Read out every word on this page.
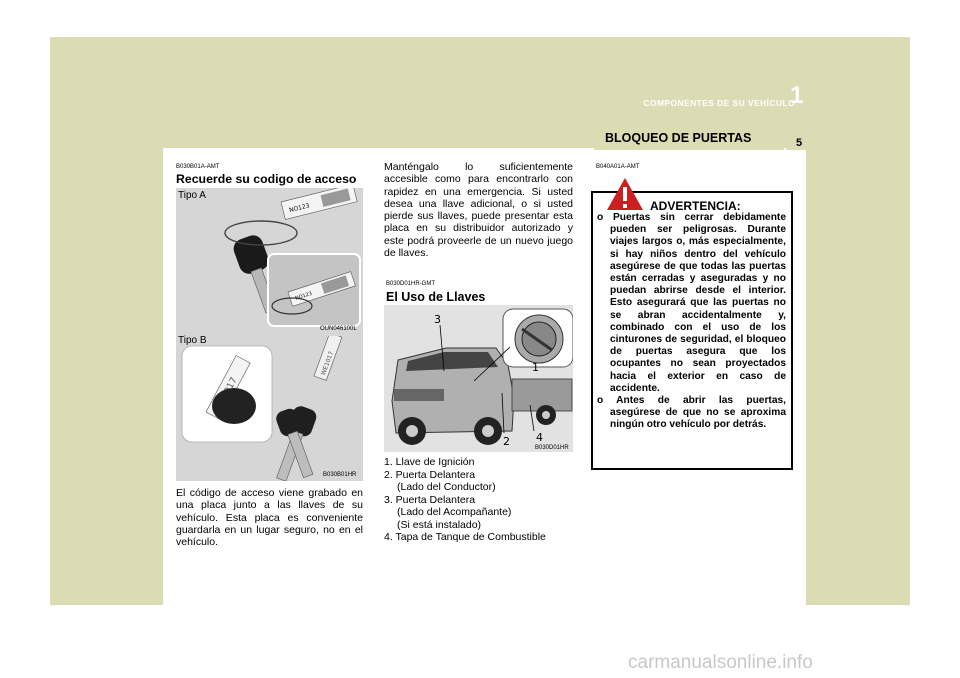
COMPONENTES DE SU VEHÍCULO
1
BLOQUEO DE PUERTAS	5
B030B01A-AMT
Recuerde su codigo de acceso
NO123
NO123
Tipo A
OUN046100L
WE1017
Tipo B
B030B01HR
El código de acceso viene grabado en una placa junto a las llaves de su vehículo. Esta placa es conveniente guardarla en un lugar seguro, no en el vehículo.
Manténgalo lo suficientemente accesible como para encontrarlo con rapidez en una emergencia. Si usted desea una llave adicional, o si usted pierde sus llaves, puede presentar esta placa en su distribuidor autorizado y este podrá proveerle de un nuevo juego de llaves.
B030D01HR-GMT
El Uso de Llaves
3
1
2 4
B030D01HR
1. Llave de Ignición
2. Puerta Delantera
(Lado del Conductor)
3. Puerta Delantera
(Lado del Acompañante)
(Si está instalado)
4. Tapa de Tanque de Combustible
B040A01A-AMT
ADVERTENCIA:
o Puertas sin cerrar debidamente pueden ser peligrosas. Durante viajes largos o, más especialmente, si hay niños dentro del vehículo asegúrese de que todas las puertas están cerradas y aseguradas y no puedan abrirse desde el interior. Esto asegurará que las puertas no se abran accidentalmente y, combinado con el uso de los cinturones de seguridad, el bloqueo de puertas asegura que los ocupantes no sean proyectados hacia el exterior en caso de accidente.
o Antes de abrir las puertas, asegúrese de que no se aproxima ningún otro vehículo por detrás.
carmanualsonline.info
